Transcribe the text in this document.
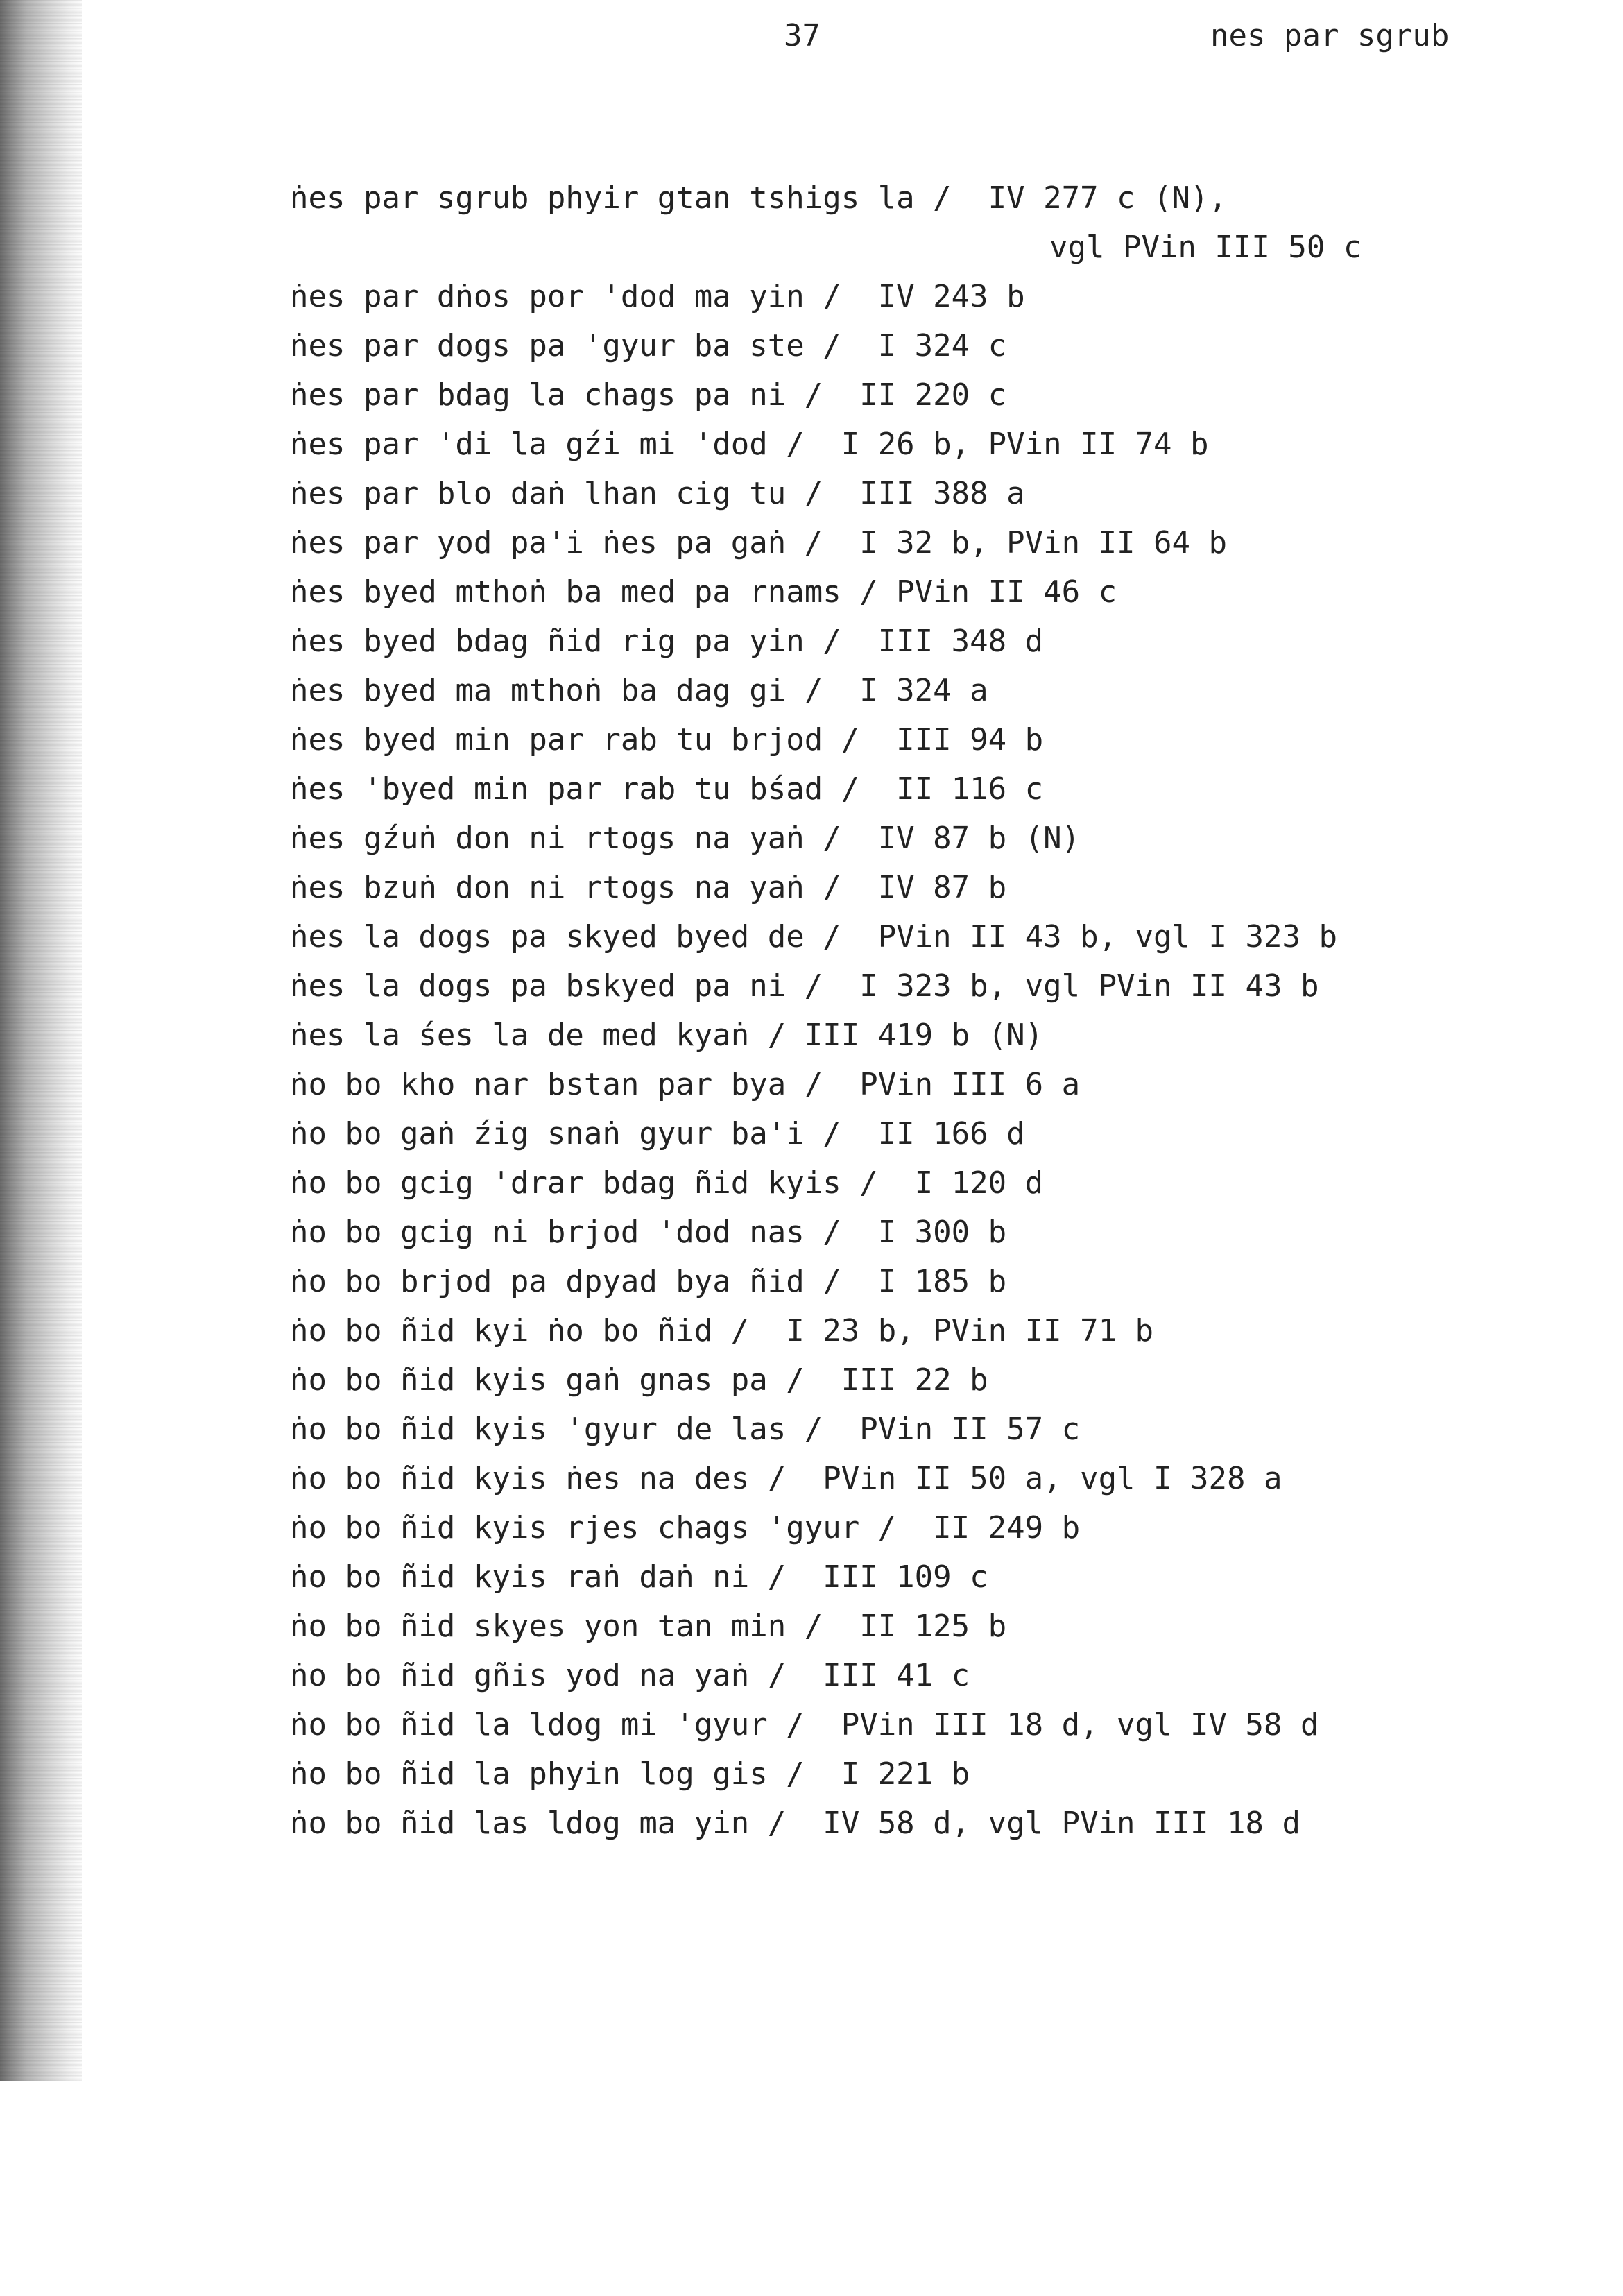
37	nes par sgrub
ṅes par sgrub phyir gtan tshigs la /  IV 277 c (N),
vgl PVin III 50 c
ṅes par dṅos por 'dod ma yin /  IV 243 b
ṅes par dogs pa 'gyur ba ste /  I 324 c
ṅes par bdag la chags pa ni /  II 220 c
ṅes par 'di la gźi mi 'dod /  I 26 b, PVin II 74 b
ṅes par blo daṅ lhan cig tu /  III 388 a
ṅes par yod pa'i ṅes pa gaṅ /  I 32 b, PVin II 64 b
ṅes byed mthoṅ ba med pa rnams / PVin II 46 c
ṅes byed bdag ñid rig pa yin /  III 348 d
ṅes byed ma mthoṅ ba dag gi /  I 324 a
ṅes byed min par rab tu brjod /  III 94 b
ṅes 'byed min par rab tu bśad /  II 116 c
ṅes gźuṅ don ni rtogs na yaṅ /  IV 87 b (N)
ṅes bzuṅ don ni rtogs na yaṅ /  IV 87 b
ṅes la dogs pa skyed byed de /  PVin II 43 b, vgl I 323 b
ṅes la dogs pa bskyed pa ni /  I 323 b, vgl PVin II 43 b
ṅes la śes la de med kyaṅ / III 419 b (N)
ṅo bo kho nar bstan par bya /  PVin III 6 a
ṅo bo gaṅ źig snaṅ gyur ba'i /  II 166 d
ṅo bo gcig 'drar bdag ñid kyis /  I 120 d
ṅo bo gcig ni brjod 'dod nas /  I 300 b
ṅo bo brjod pa dpyad bya ñid /  I 185 b
ṅo bo ñid kyi ṅo bo ñid /  I 23 b, PVin II 71 b
ṅo bo ñid kyis gaṅ gnas pa /  III 22 b
ṅo bo ñid kyis 'gyur de las /  PVin II 57 c
ṅo bo ñid kyis ṅes na des /  PVin II 50 a, vgl I 328 a
ṅo bo ñid kyis rjes chags 'gyur /  II 249 b
ṅo bo ñid kyis raṅ daṅ ni /  III 109 c
ṅo bo ñid skyes yon tan min /  II 125 b
ṅo bo ñid gñis yod na yaṅ /  III 41 c
ṅo bo ñid la ldog mi 'gyur /  PVin III 18 d, vgl IV 58 d
ṅo bo ñid la phyin log gis /  I 221 b
ṅo bo ñid las ldog ma yin /  IV 58 d, vgl PVin III 18 d
